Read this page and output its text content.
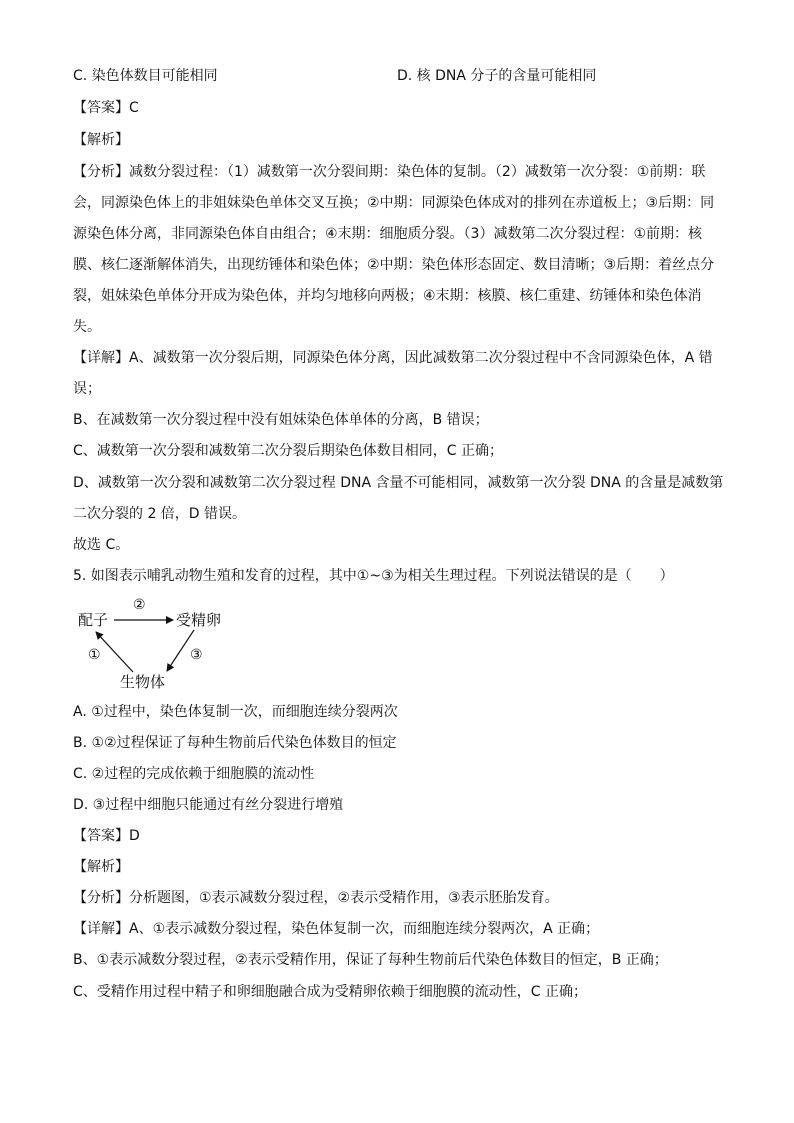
C. 染色体数目可能相同	D. 核 DNA 分子的含量可能相同
【答案】C
【解析】
【分析】减数分裂过程：（1）减数第一次分裂间期：染色体的复制。（2）减数第一次分裂：①前期：联
会，同源染色体上的非姐妹染色单体交叉互换；②中期：同源染色体成对的排列在赤道板上；③后期：同
源染色体分离，非同源染色体自由组合；④末期：细胞质分裂。（3）减数第二次分裂过程：①前期：核
膜、核仁逐渐解体消失，出现纺锤体和染色体；②中期：染色体形态固定、数目清晰；③后期：着丝点分
裂，姐妹染色单体分开成为染色体，并均匀地移向两极；④末期：核膜、核仁重建、纺锤体和染色体消
失。
【详解】A、减数第一次分裂后期，同源染色体分离，因此减数第二次分裂过程中不含同源染色体，A 错
误；
B、在减数第一次分裂过程中没有姐妹染色体单体的分离，B 错误；
C、减数第一次分裂和减数第二次分裂后期染色体数目相同，C 正确；
D、减数第一次分裂和减数第二次分裂过程 DNA 含量不可能相同，减数第一次分裂 DNA 的含量是减数第
二次分裂的 2 倍，D 错误。
故选 C。
5. 如图表示哺乳动物生殖和发育的过程，其中①~③为相关生理过程。下列说法错误的是（　　）
配子	受精卵
生物体
②
①	③
A. ①过程中，染色体复制一次，而细胞连续分裂两次
B. ①②过程保证了每种生物前后代染色体数目的恒定
C. ②过程的完成依赖于细胞膜的流动性
D. ③过程中细胞只能通过有丝分裂进行增殖
【答案】D
【解析】
【分析】分析题图，①表示减数分裂过程，②表示受精作用，③表示胚胎发育。
【详解】A、①表示减数分裂过程，染色体复制一次，而细胞连续分裂两次，A 正确；
B、①表示减数分裂过程，②表示受精作用，保证了每种生物前后代染色体数目的恒定，B 正确；
C、受精作用过程中精子和卵细胞融合成为受精卵依赖于细胞膜的流动性，C 正确；
